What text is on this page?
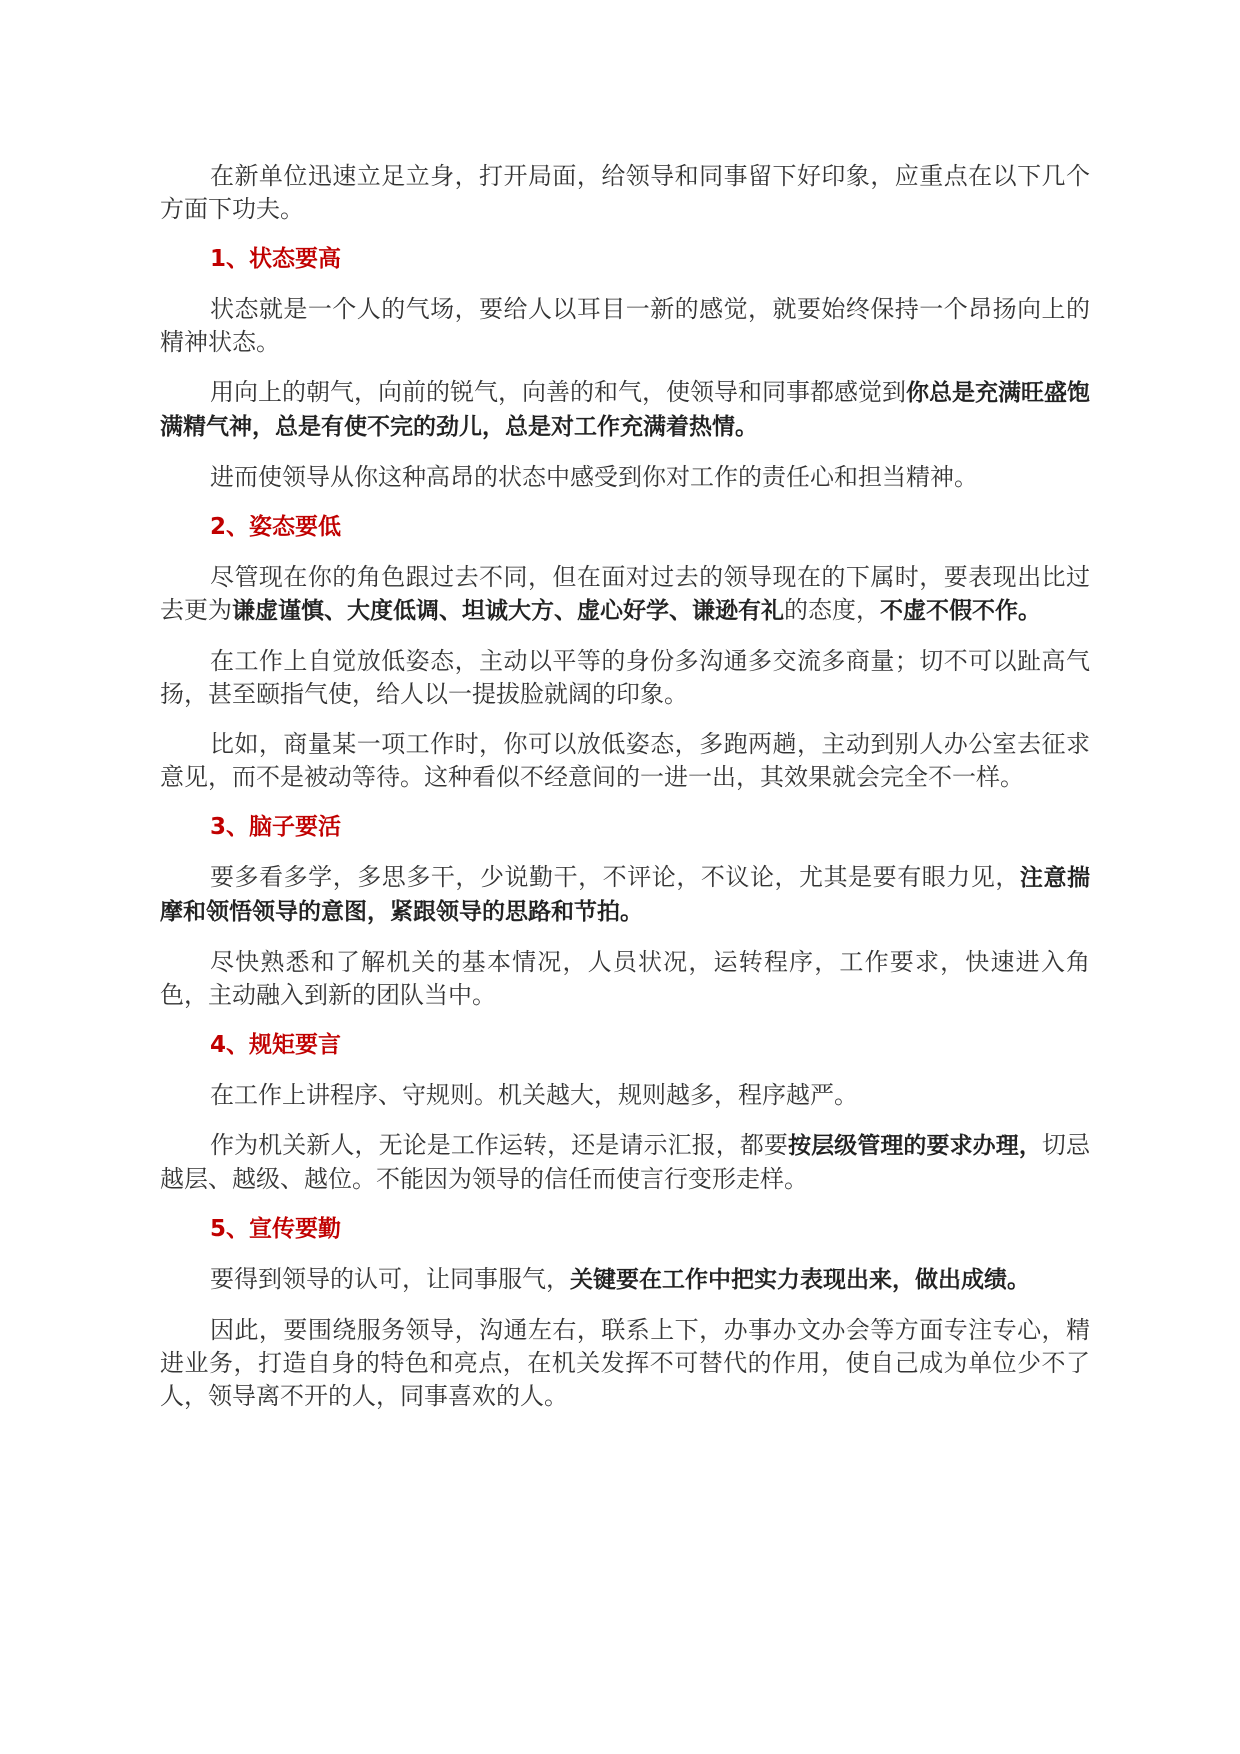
在新单位迅速立足立身，打开局面，给领导和同事留下好印象，应重点在以下几个方面下功夫。

1、状态要高

状态就是一个人的气场，要给人以耳目一新的感觉，就要始终保持一个昂扬向上的精神状态。

用向上的朝气，向前的锐气，向善的和气，使领导和同事都感觉到你总是充满旺盛饱满精气神，总是有使不完的劲儿，总是对工作充满着热情。

进而使领导从你这种高昂的状态中感受到你对工作的责任心和担当精神。

2、姿态要低

尽管现在你的角色跟过去不同，但在面对过去的领导现在的下属时，要表现出比过去更为谦虚谨慎、大度低调、坦诚大方、虚心好学、谦逊有礼的态度，不虚不假不作。

在工作上自觉放低姿态，主动以平等的身份多沟通多交流多商量；切不可以趾高气扬，甚至颐指气使，给人以一提拔脸就阔的印象。

比如，商量某一项工作时，你可以放低姿态，多跑两趟，主动到别人办公室去征求意见，而不是被动等待。这种看似不经意间的一进一出，其效果就会完全不一样。

3、脑子要活

要多看多学，多思多干，少说勤干，不评论，不议论，尤其是要有眼力见，注意揣摩和领悟领导的意图，紧跟领导的思路和节拍。

尽快熟悉和了解机关的基本情况，人员状况，运转程序，工作要求，快速进入角色，主动融入到新的团队当中。

4、规矩要言

在工作上讲程序、守规则。机关越大，规则越多，程序越严。

作为机关新人，无论是工作运转，还是请示汇报，都要按层级管理的要求办理，切忌越层、越级、越位。不能因为领导的信任而使言行变形走样。

5、宣传要勤

要得到领导的认可，让同事服气，关键要在工作中把实力表现出来，做出成绩。

因此，要围绕服务领导，沟通左右，联系上下，办事办文办会等方面专注专心，精进业务，打造自身的特色和亮点，在机关发挥不可替代的作用，使自己成为单位少不了人，领导离不开的人，同事喜欢的人。
